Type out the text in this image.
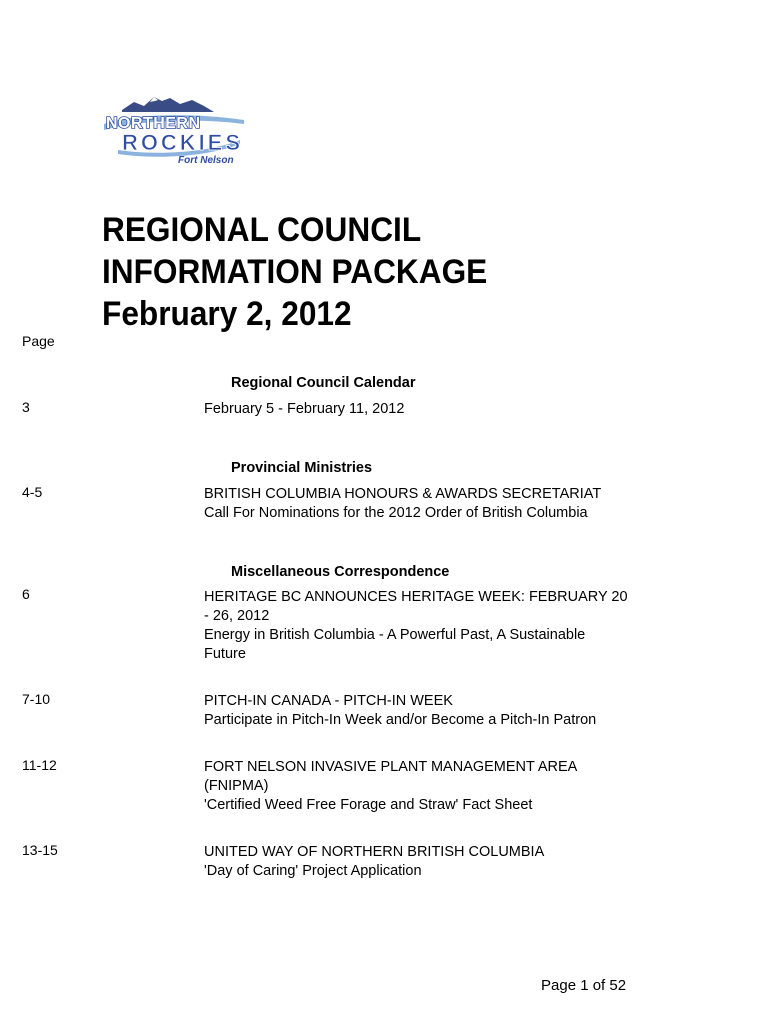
NORTHERN
ROCKIES
Fort Nelson
REGIONAL COUNCIL
INFORMATION PACKAGE
February 2, 2012
Page
Regional Council Calendar
3	February 5 - February 11, 2012
Provincial Ministries
4-5	BRITISH COLUMBIA HONOURS & AWARDS SECRETARIAT
Call For Nominations for the 2012 Order of British Columbia
Miscellaneous Correspondence
6	HERITAGE BC ANNOUNCES HERITAGE WEEK: FEBRUARY 20
- 26, 2012
Energy in British Columbia - A Powerful Past, A Sustainable
Future
7-10	PITCH-IN CANADA - PITCH-IN WEEK
Participate in Pitch-In Week and/or Become a Pitch-In Patron
11-12	FORT NELSON INVASIVE PLANT MANAGEMENT AREA
(FNIPMA)
'Certified Weed Free Forage and Straw' Fact Sheet
13-15	UNITED WAY OF NORTHERN BRITISH COLUMBIA
'Day of Caring' Project Application
Page 1 of 52
